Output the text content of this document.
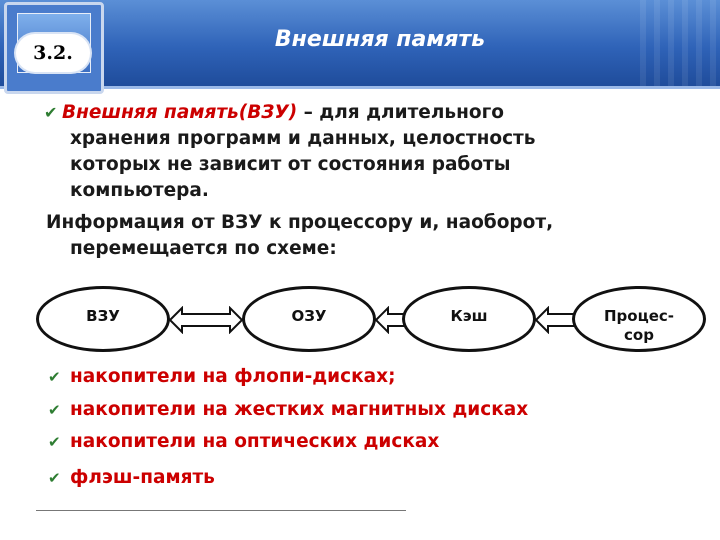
3.2.
Внешняя память
✔ Внешняя память(ВЗУ) – для длительного
хранения программ и данных, целостность
которых не зависит от состояния работы
компьютера.
Информация от ВЗУ к процессору и, наоборот,
перемещается по схеме:
ВЗУ	ОЗУ	Кэш	Процес-
сор
✔ накопители на флопи-дисках;
✔ накопители на жестких магнитных дисках
✔ накопители на оптических дисках
✔ флэш-память
